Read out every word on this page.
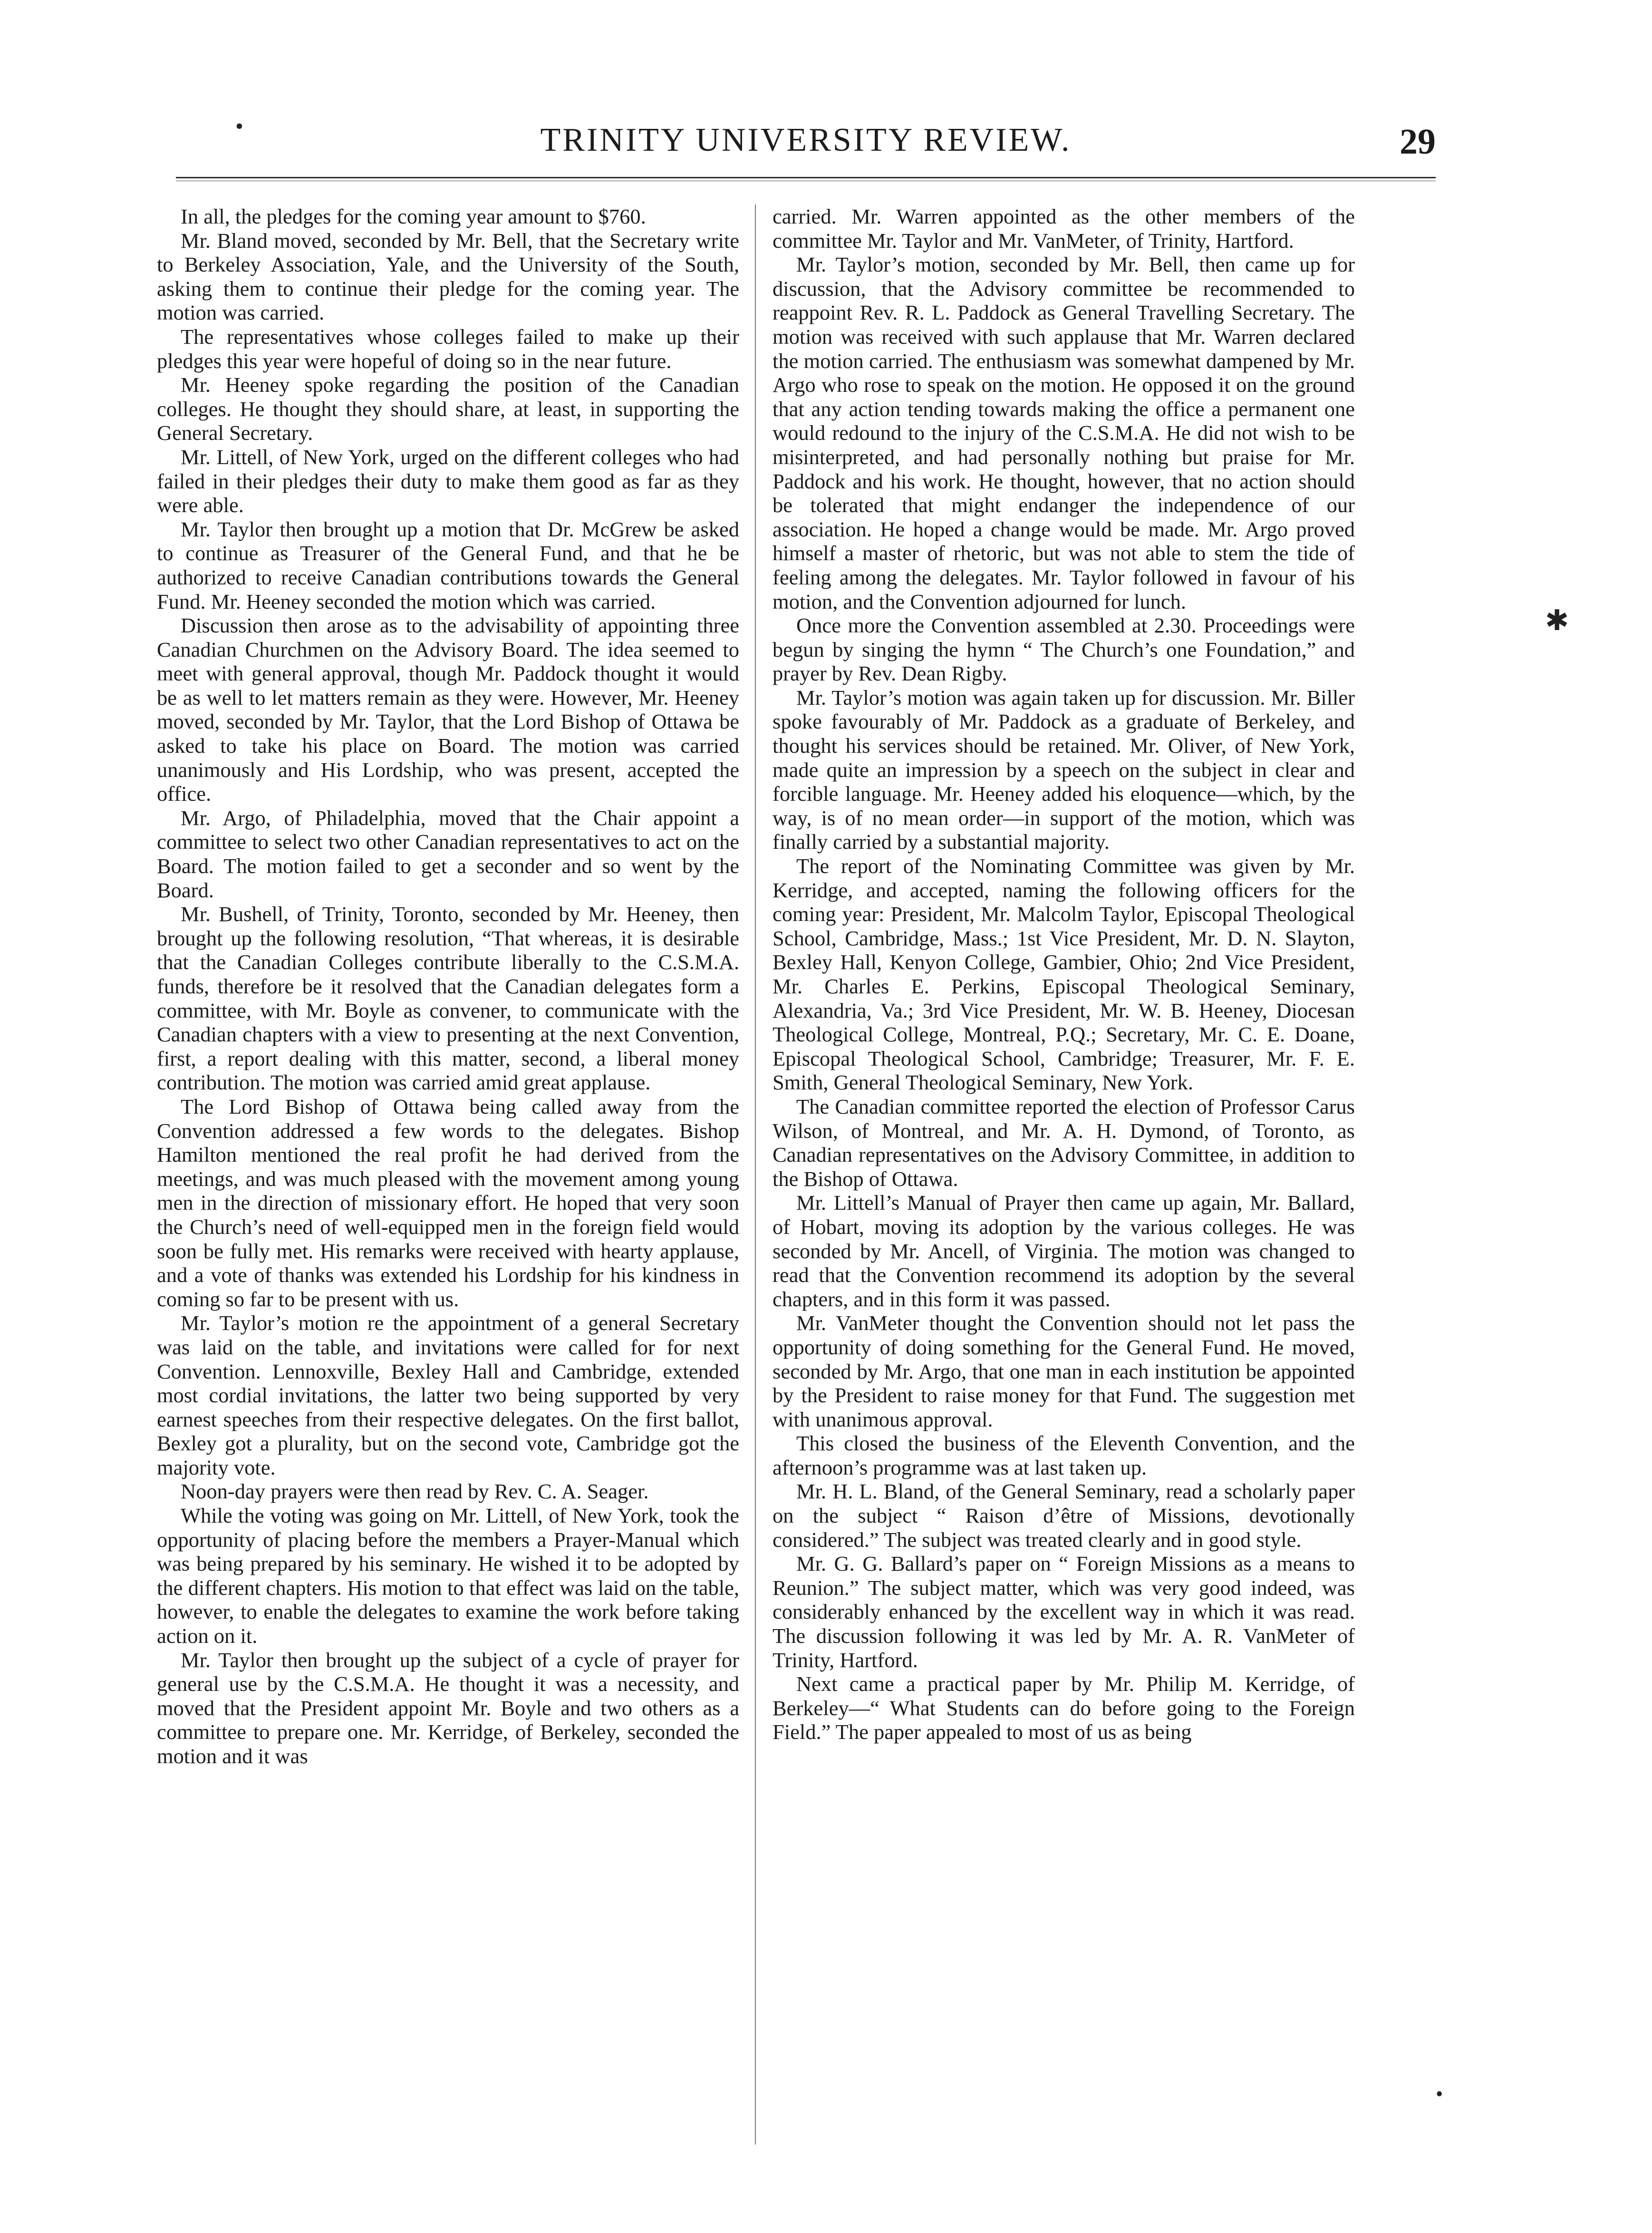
TRINITY UNIVERSITY REVIEW.	29

In all, the pledges for the coming year amount to $760.

Mr. Bland moved, seconded by Mr. Bell, that the Secretary write to Berkeley Association, Yale, and the University of the South, asking them to continue their pledge for the coming year. The motion was carried.

The representatives whose colleges failed to make up their pledges this year were hopeful of doing so in the near future.

Mr. Heeney spoke regarding the position of the Canadian colleges. He thought they should share, at least, in supporting the General Secretary.

Mr. Littell, of New York, urged on the different colleges who had failed in their pledges their duty to make them good as far as they were able.

Mr. Taylor then brought up a motion that Dr. McGrew be asked to continue as Treasurer of the General Fund, and that he be authorized to receive Canadian contributions towards the General Fund. Mr. Heeney seconded the motion which was carried.

Discussion then arose as to the advisability of appointing three Canadian Churchmen on the Advisory Board. The idea seemed to meet with general approval, though Mr. Paddock thought it would be as well to let matters remain as they were. However, Mr. Heeney moved, seconded by Mr. Taylor, that the Lord Bishop of Ottawa be asked to take his place on Board. The motion was carried unanimously and His Lordship, who was present, accepted the office.

Mr. Argo, of Philadelphia, moved that the Chair appoint a committee to select two other Canadian representatives to act on the Board. The motion failed to get a seconder and so went by the Board.

Mr. Bushell, of Trinity, Toronto, seconded by Mr. Heeney, then brought up the following resolution, “That whereas, it is desirable that the Canadian Colleges contribute liberally to the C.S.M.A. funds, therefore be it resolved that the Canadian delegates form a committee, with Mr. Boyle as convener, to communicate with the Canadian chapters with a view to presenting at the next Convention, first, a report dealing with this matter, second, a liberal money contribution. The motion was carried amid great applause.

The Lord Bishop of Ottawa being called away from the Convention addressed a few words to the delegates. Bishop Hamilton mentioned the real profit he had derived from the meetings, and was much pleased with the movement among young men in the direction of missionary effort. He hoped that very soon the Church’s need of well-equipped men in the foreign field would soon be fully met. His remarks were received with hearty applause, and a vote of thanks was extended his Lordship for his kindness in coming so far to be present with us.

Mr. Taylor’s motion re the appointment of a general Secretary was laid on the table, and invitations were called for for next Convention. Lennoxville, Bexley Hall and Cambridge, extended most cordial invitations, the latter two being supported by very earnest speeches from their respective delegates. On the first ballot, Bexley got a plurality, but on the second vote, Cambridge got the majority vote.

Noon-day prayers were then read by Rev. C. A. Seager.

While the voting was going on Mr. Littell, of New York, took the opportunity of placing before the members a Prayer-Manual which was being prepared by his seminary. He wished it to be adopted by the different chapters. His motion to that effect was laid on the table, however, to enable the delegates to examine the work before taking action on it.

Mr. Taylor then brought up the subject of a cycle of prayer for general use by the C.S.M.A. He thought it was a necessity, and moved that the President appoint Mr. Boyle and two others as a committee to prepare one. Mr. Kerridge, of Berkeley, seconded the motion and it was

carried. Mr. Warren appointed as the other members of the committee Mr. Taylor and Mr. VanMeter, of Trinity, Hartford.

Mr. Taylor’s motion, seconded by Mr. Bell, then came up for discussion, that the Advisory committee be recommended to reappoint Rev. R. L. Paddock as General Travelling Secretary. The motion was received with such applause that Mr. Warren declared the motion carried. The enthusiasm was somewhat dampened by Mr. Argo who rose to speak on the motion. He opposed it on the ground that any action tending towards making the office a permanent one would redound to the injury of the C.S.M.A. He did not wish to be misinterpreted, and had personally nothing but praise for Mr. Paddock and his work. He thought, however, that no action should be tolerated that might endanger the independence of our association. He hoped a change would be made. Mr. Argo proved himself a master of rhetoric, but was not able to stem the tide of feeling among the delegates. Mr. Taylor followed in favour of his motion, and the Convention adjourned for lunch.

Once more the Convention assembled at 2.30. Proceedings were begun by singing the hymn “ The Church’s one Foundation,” and prayer by Rev. Dean Rigby.

Mr. Taylor’s motion was again taken up for discussion. Mr. Biller spoke favourably of Mr. Paddock as a graduate of Berkeley, and thought his services should be retained. Mr. Oliver, of New York, made quite an impression by a speech on the subject in clear and forcible language. Mr. Heeney added his eloquence—which, by the way, is of no mean order—in support of the motion, which was finally carried by a substantial majority.

The report of the Nominating Committee was given by Mr. Kerridge, and accepted, naming the following officers for the coming year: President, Mr. Malcolm Taylor, Episcopal Theological School, Cambridge, Mass.; 1st Vice President, Mr. D. N. Slayton, Bexley Hall, Kenyon College, Gambier, Ohio; 2nd Vice President, Mr. Charles E. Perkins, Episcopal Theological Seminary, Alexandria, Va.; 3rd Vice President, Mr. W. B. Heeney, Diocesan Theological College, Montreal, P.Q.; Secretary, Mr. C. E. Doane, Episcopal Theological School, Cambridge; Treasurer, Mr. F. E. Smith, General Theological Seminary, New York.

The Canadian committee reported the election of Professor Carus Wilson, of Montreal, and Mr. A. H. Dymond, of Toronto, as Canadian representatives on the Advisory Committee, in addition to the Bishop of Ottawa.

Mr. Littell’s Manual of Prayer then came up again, Mr. Ballard, of Hobart, moving its adoption by the various colleges. He was seconded by Mr. Ancell, of Virginia. The motion was changed to read that the Convention recommend its adoption by the several chapters, and in this form it was passed.

Mr. VanMeter thought the Convention should not let pass the opportunity of doing something for the General Fund. He moved, seconded by Mr. Argo, that one man in each institution be appointed by the President to raise money for that Fund. The suggestion met with unanimous approval.

This closed the business of the Eleventh Convention, and the afternoon’s programme was at last taken up.

Mr. H. L. Bland, of the General Seminary, read a scholarly paper on the subject “ Raison d’être of Missions, devotionally considered.” The subject was treated clearly and in good style.

Mr. G. G. Ballard’s paper on “ Foreign Missions as a means to Reunion.” The subject matter, which was very good indeed, was considerably enhanced by the excellent way in which it was read. The discussion following it was led by Mr. A. R. VanMeter of Trinity, Hartford.

Next came a practical paper by Mr. Philip M. Kerridge, of Berkeley—“ What Students can do before going to the Foreign Field.” The paper appealed to most of us as being

•
✱
•
